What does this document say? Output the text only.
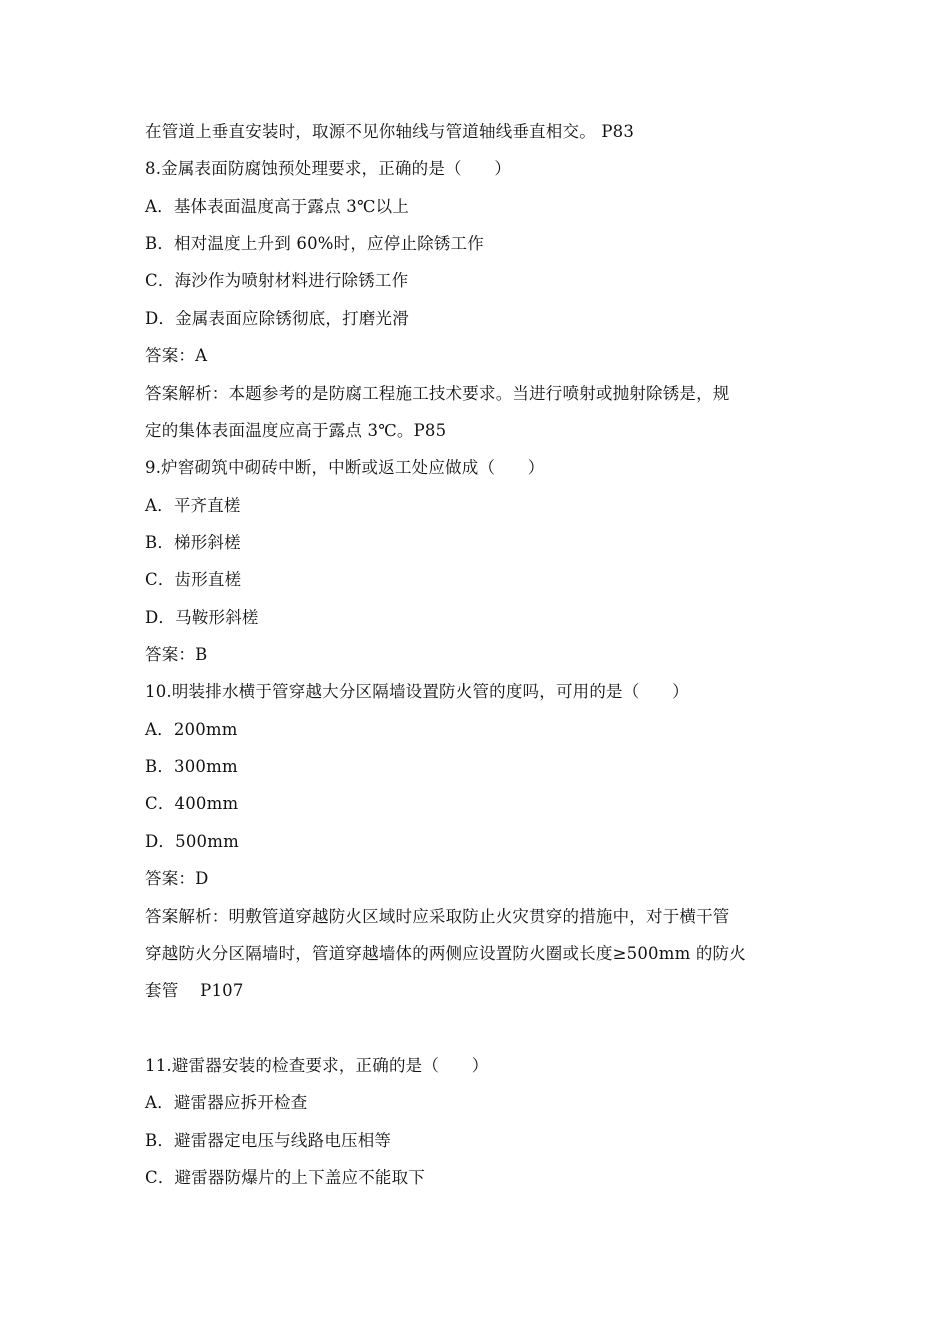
在管道上垂直安装时，取源不见你轴线与管道轴线垂直相交。 P83
8.金属表面防腐蚀预处理要求，正确的是（      ）
A．基体表面温度高于露点 3℃以上
B．相对温度上升到 60%时，应停止除锈工作
C．海沙作为喷射材料进行除锈工作
D．金属表面应除锈彻底，打磨光滑
答案：A
答案解析：本题参考的是防腐工程施工技术要求。当进行喷射或抛射除锈是，规
定的集体表面温度应高于露点 3℃。P85
9.炉窖砌筑中砌砖中断，中断或返工处应做成（      ）
A．平齐直槎
B．梯形斜槎
C．齿形直槎
D．马鞍形斜槎
答案：B
10.明装排水横于管穿越大分区隔墙设置防火管的度吗，可用的是（      ）
A．200mm
B．300mm
C．400mm
D．500mm
答案：D
答案解析：明敷管道穿越防火区域时应采取防止火灾贯穿的措施中，对于横干管
穿越防火分区隔墙时，管道穿越墙体的两侧应设置防火圈或长度≥500mm 的防火
套管    P107
11.避雷器安装的检查要求，正确的是（      ）
A．避雷器应拆开检查
B．避雷器定电压与线路电压相等
C．避雷器防爆片的上下盖应不能取下
